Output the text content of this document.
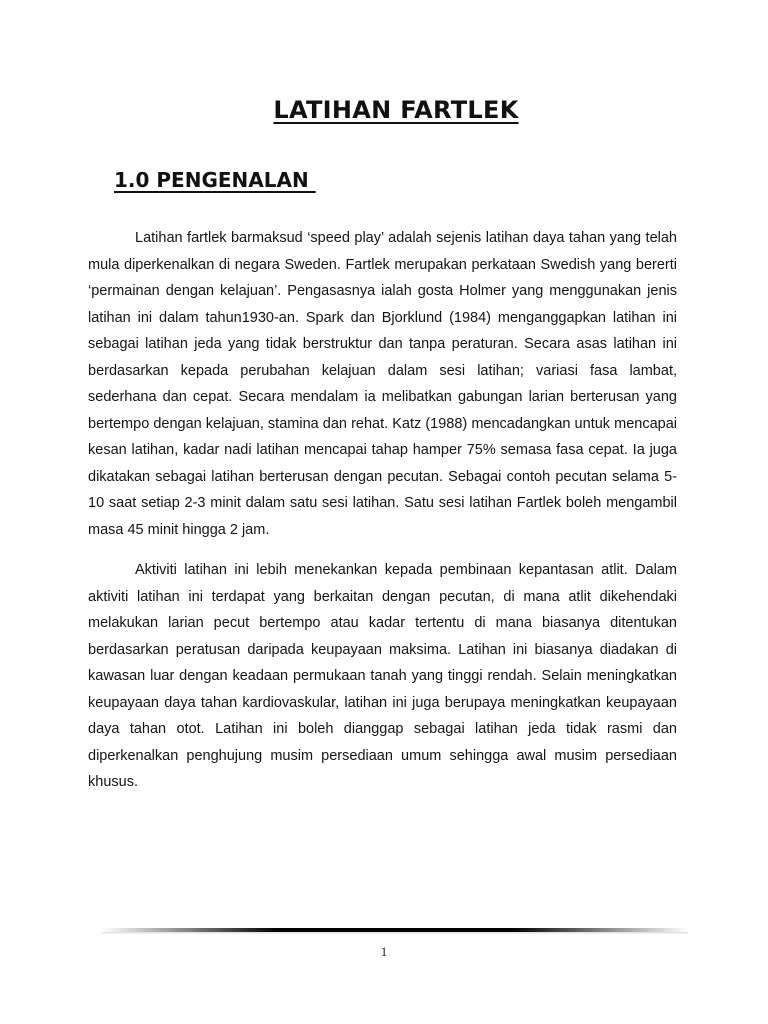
LATIHAN FARTLEK
1.0 PENGENALAN

Latihan fartlek barmaksud ‘speed play’ adalah sejenis latihan daya tahan yang telah mula diperkenalkan di negara Sweden. Fartlek merupakan perkataan Swedish yang bererti ‘permainan dengan kelajuan’. Pengasasnya ialah gosta Holmer yang menggunakan jenis latihan ini dalam tahun1930-an. Spark dan Bjorklund (1984) menganggapkan latihan ini sebagai latihan jeda yang tidak berstruktur dan tanpa peraturan. Secara asas latihan ini berdasarkan kepada perubahan kelajuan dalam sesi latihan; variasi fasa lambat, sederhana dan cepat. Secara mendalam ia melibatkan gabungan larian berterusan yang bertempo dengan kelajuan, stamina dan rehat. Katz (1988) mencadangkan untuk mencapai kesan latihan, kadar nadi latihan mencapai tahap hamper 75% semasa fasa cepat. Ia juga dikatakan sebagai latihan berterusan dengan pecutan. Sebagai contoh pecutan selama 5-10 saat setiap 2-3 minit dalam satu sesi latihan. Satu sesi latihan Fartlek boleh mengambil masa 45 minit hingga 2 jam.

Aktiviti latihan ini lebih menekankan kepada pembinaan kepantasan atlit. Dalam aktiviti latihan ini terdapat yang berkaitan dengan pecutan, di mana atlit dikehendaki melakukan larian pecut bertempo atau kadar tertentu di mana biasanya ditentukan berdasarkan peratusan daripada keupayaan maksima. Latihan ini biasanya diadakan di kawasan luar dengan keadaan permukaan tanah yang tinggi rendah. Selain meningkatkan keupayaan daya tahan kardiovaskular, latihan ini juga berupaya meningkatkan keupayaan daya tahan otot. Latihan ini boleh dianggap sebagai latihan jeda tidak rasmi dan diperkenalkan penghujung musim persediaan umum sehingga awal musim persediaan khusus.

1
